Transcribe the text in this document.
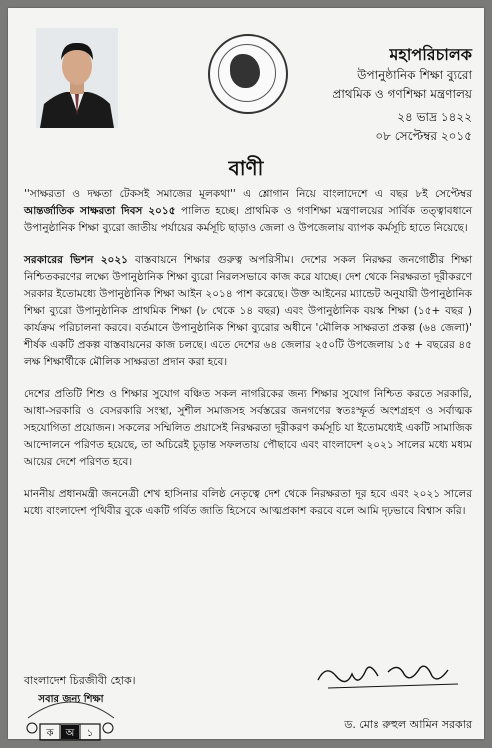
মহাপরিচালক
উপানুষ্ঠানিক শিক্ষা ব্যুরো
প্রাথমিক ও গণশিক্ষা মন্ত্রণালয়
২৪ ভাদ্র ১৪২২
০৮ সেপ্টেম্বর ২০১৫
বাণী

''সাক্ষরতা ও দক্ষতা টেকসই সমাজের মূলকথা'' এ শ্লোগান নিয়ে বাংলাদেশে এ বছর ৮ই সেপ্টেম্বর আন্তর্জাতিক সাক্ষরতা দিবস ২০১৫ পালিত হচ্ছে। প্রাথমিক ও গণশিক্ষা মন্ত্রণালয়ের সার্বিক তত্ত্বাবধানে উপানুষ্ঠানিক শিক্ষা ব্যুরো জাতীয় পর্যায়ের কর্মসূচি ছাড়াও জেলা ও উপজেলায় ব্যাপক কর্মসূচি হাতে নিয়েছে।

সরকারের ভিশন ২০২১ বাস্তবায়নে শিক্ষার গুরুত্ব অপরিসীম। দেশের সকল নিরক্ষর জনগোষ্ঠীর শিক্ষা নিশ্চিতকরণের লক্ষ্যে উপানুষ্ঠানিক শিক্ষা ব্যুরো নিরলসভাবে কাজ করে যাচ্ছে। দেশ থেকে নিরক্ষরতা দূরীকরণে সরকার ইতোমধ্যে উপানুষ্ঠানিক শিক্ষা আইন ২০১৪ পাশ করেছে। উক্ত আইনের ম্যান্ডেট অনুযায়ী উপানুষ্ঠানিক শিক্ষা ব্যুরো উপানুষ্ঠানিক প্রাথমিক শিক্ষা (৮ থেকে ১৪ বছর) এবং উপানুষ্ঠানিক বয়স্ক শিক্ষা (১৫+ বছর ) কার্যক্রম পরিচালনা করবে। বর্তমানে উপানুষ্ঠানিক শিক্ষা ব্যুরোর অধীনে 'মৌলিক সাক্ষরতা প্রকল্প (৬৪ জেলা)' শীর্ষক একটি প্রকল্প বাস্তবায়নের কাজ চলছে। এতে দেশের ৬৪ জেলার ২৫০টি উপজেলায় ১৫ + বছরের ৪৫ লক্ষ শিক্ষার্থীকে মৌলিক সাক্ষরতা প্রদান করা হবে।

দেশের প্রতিটি শিশু ও শিক্ষার সুযোগ বঞ্চিত সকল নাগরিকের জন্য শিক্ষার সুযোগ নিশ্চিত করতে সরকারি, আধা-সরকারি ও বেসরকারি সংস্থা, সুশীল সমাজসহ সর্বস্তরের জনগণের স্বতঃস্ফূর্ত অংশগ্রহণ ও সর্বাত্মক সহযোগিতা প্রয়োজন। সকলের সম্মিলিত প্রয়াসেই নিরক্ষরতা দূরীকরণ কর্মসূচি যা ইতোমধ্যেই একটি সামাজিক আন্দোলনে পরিণত হয়েছে, তা অচিরেই চূড়ান্ত সফলতায় পৌছাবে এবং বাংলাদেশ ২০২১ সালের মধ্যে মধ্যম আয়ের দেশে পরিণত হবে।

মাননীয় প্রধানমন্ত্রী জননেত্রী শেখ হাসিনার বলিষ্ঠ নেতৃত্বে দেশ থেকে নিরক্ষরতা দূর হবে এবং ২০২১ সালের মধ্যে বাংলাদেশ পৃথিবীর বুকে একটি গর্বিত জাতি হিসেবে আত্মপ্রকাশ করবে বলে আমি দৃঢ়ভাবে বিশ্বাস করি।

বাংলাদেশ চিরজীবী হোক।
সবার জন্য শিক্ষা
ক অ ১
ড. মোঃ রুহুল আমিন সরকার
